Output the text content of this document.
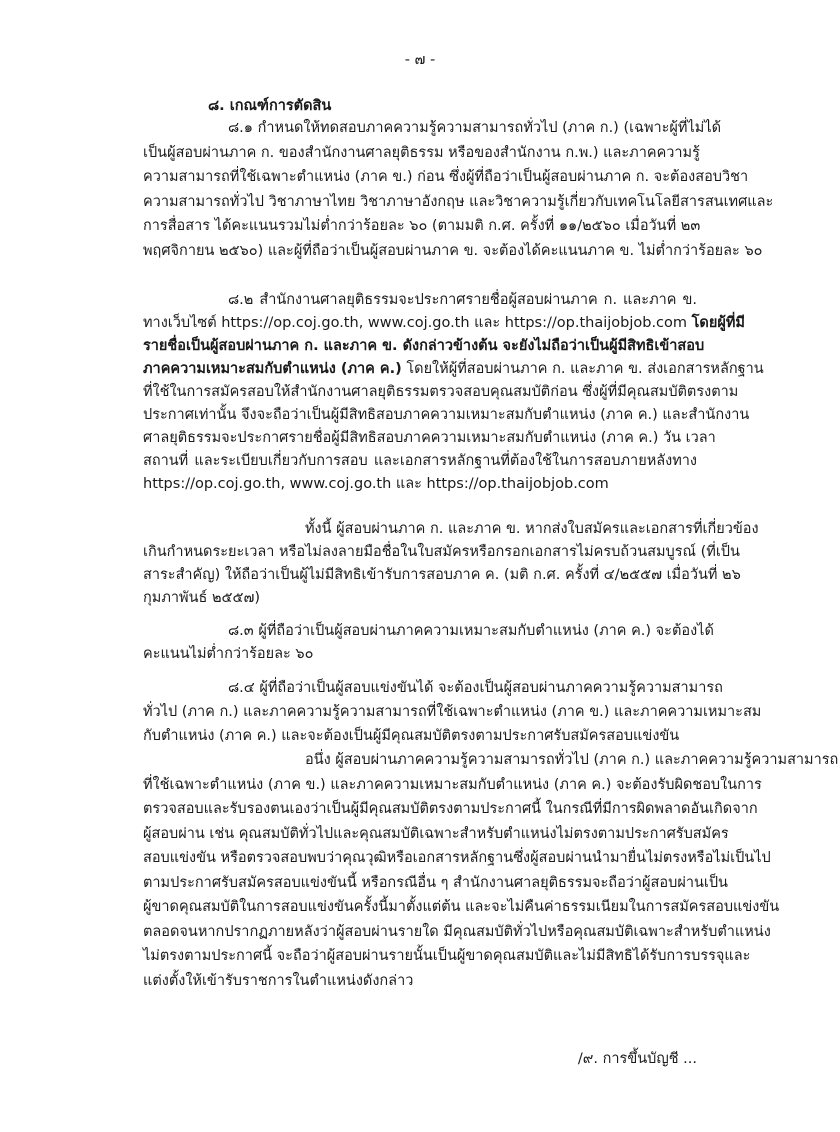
- ๗ -
๘. เกณฑ์การตัดสิน
๘.๑ กำหนดให้ทดสอบภาคความรู้ความสามารถทั่วไป (ภาค ก.) (เฉพาะผู้ที่ไม่ได้
เป็นผู้สอบผ่านภาค ก. ของสำนักงานศาลยุติธรรม หรือของสำนักงาน ก.พ.) และภาคความรู้
ความสามารถที่ใช้เฉพาะตำแหน่ง (ภาค ข.) ก่อน ซึ่งผู้ที่ถือว่าเป็นผู้สอบผ่านภาค ก. จะต้องสอบวิชา
ความสามารถทั่วไป วิชาภาษาไทย วิชาภาษาอังกฤษ และวิชาความรู้เกี่ยวกับเทคโนโลยีสารสนเทศและ
การสื่อสาร ได้คะแนนรวมไม่ต่ำกว่าร้อยละ ๖๐ (ตามมติ ก.ศ. ครั้งที่ ๑๑/๒๕๖๐ เมื่อวันที่ ๒๓
พฤศจิกายน ๒๕๖๐) และผู้ที่ถือว่าเป็นผู้สอบผ่านภาค ข. จะต้องได้คะแนนภาค ข. ไม่ต่ำกว่าร้อยละ ๖๐
๘.๒ สำนักงานศาลยุติธรรมจะประกาศรายชื่อผู้สอบผ่านภาค ก. และภาค ข.
ทางเว็บไซต์ https://op.coj.go.th, www.coj.go.th และ https://op.thaijobjob.com โดยผู้ที่มี
รายชื่อเป็นผู้สอบผ่านภาค ก. และภาค ข. ดังกล่าวข้างต้น จะยังไม่ถือว่าเป็นผู้มีสิทธิเข้าสอบ
ภาคความเหมาะสมกับตำแหน่ง (ภาค ค.) โดยให้ผู้ที่สอบผ่านภาค ก. และภาค ข. ส่งเอกสารหลักฐาน
ที่ใช้ในการสมัครสอบให้สำนักงานศาลยุติธรรมตรวจสอบคุณสมบัติก่อน ซึ่งผู้ที่มีคุณสมบัติตรงตาม
ประกาศเท่านั้น จึงจะถือว่าเป็นผู้มีสิทธิสอบภาคความเหมาะสมกับตำแหน่ง (ภาค ค.) และสำนักงาน
ศาลยุติธรรมจะประกาศรายชื่อผู้มีสิทธิสอบภาคความเหมาะสมกับตำแหน่ง (ภาค ค.) วัน เวลา
สถานที่ และระเบียบเกี่ยวกับการสอบ และเอกสารหลักฐานที่ต้องใช้ในการสอบภายหลังทาง
https://op.coj.go.th, www.coj.go.th และ https://op.thaijobjob.com
ทั้งนี้ ผู้สอบผ่านภาค ก. และภาค ข. หากส่งใบสมัครและเอกสารที่เกี่ยวข้อง
เกินกำหนดระยะเวลา หรือไม่ลงลายมือชื่อในใบสมัครหรือกรอกเอกสารไม่ครบถ้วนสมบูรณ์ (ที่เป็น
สาระสำคัญ) ให้ถือว่าเป็นผู้ไม่มีสิทธิเข้ารับการสอบภาค ค. (มติ ก.ศ. ครั้งที่ ๔/๒๕๕๗ เมื่อวันที่ ๒๖
กุมภาพันธ์ ๒๕๕๗)
๘.๓ ผู้ที่ถือว่าเป็นผู้สอบผ่านภาคความเหมาะสมกับตำแหน่ง (ภาค ค.) จะต้องได้
คะแนนไม่ต่ำกว่าร้อยละ ๖๐
๘.๔ ผู้ที่ถือว่าเป็นผู้สอบแข่งขันได้ จะต้องเป็นผู้สอบผ่านภาคความรู้ความสามารถ
ทั่วไป (ภาค ก.) และภาคความรู้ความสามารถที่ใช้เฉพาะตำแหน่ง (ภาค ข.) และภาคความเหมาะสม
กับตำแหน่ง (ภาค ค.) และจะต้องเป็นผู้มีคุณสมบัติตรงตามประกาศรับสมัครสอบแข่งขัน
อนึ่ง ผู้สอบผ่านภาคความรู้ความสามารถทั่วไป (ภาค ก.) และภาคความรู้ความสามารถ
ที่ใช้เฉพาะตำแหน่ง (ภาค ข.) และภาคความเหมาะสมกับตำแหน่ง (ภาค ค.) จะต้องรับผิดชอบในการ
ตรวจสอบและรับรองตนเองว่าเป็นผู้มีคุณสมบัติตรงตามประกาศนี้ ในกรณีที่มีการผิดพลาดอันเกิดจาก
ผู้สอบผ่าน เช่น คุณสมบัติทั่วไปและคุณสมบัติเฉพาะสำหรับตำแหน่งไม่ตรงตามประกาศรับสมัคร
สอบแข่งขัน หรือตรวจสอบพบว่าคุณวุฒิหรือเอกสารหลักฐานซึ่งผู้สอบผ่านนำมายื่นไม่ตรงหรือไม่เป็นไป
ตามประกาศรับสมัครสอบแข่งขันนี้ หรือกรณีอื่น ๆ สำนักงานศาลยุติธรรมจะถือว่าผู้สอบผ่านเป็น
ผู้ขาดคุณสมบัติในการสอบแข่งขันครั้งนี้มาตั้งแต่ต้น และจะไม่คืนค่าธรรมเนียมในการสมัครสอบแข่งขัน
ตลอดจนหากปรากฏภายหลังว่าผู้สอบผ่านรายใด มีคุณสมบัติทั่วไปหรือคุณสมบัติเฉพาะสำหรับตำแหน่ง
ไม่ตรงตามประกาศนี้ จะถือว่าผู้สอบผ่านรายนั้นเป็นผู้ขาดคุณสมบัติและไม่มีสิทธิได้รับการบรรจุและ
แต่งตั้งให้เข้ารับราชการในตำแหน่งดังกล่าว
/๙. การขึ้นบัญชี ...
